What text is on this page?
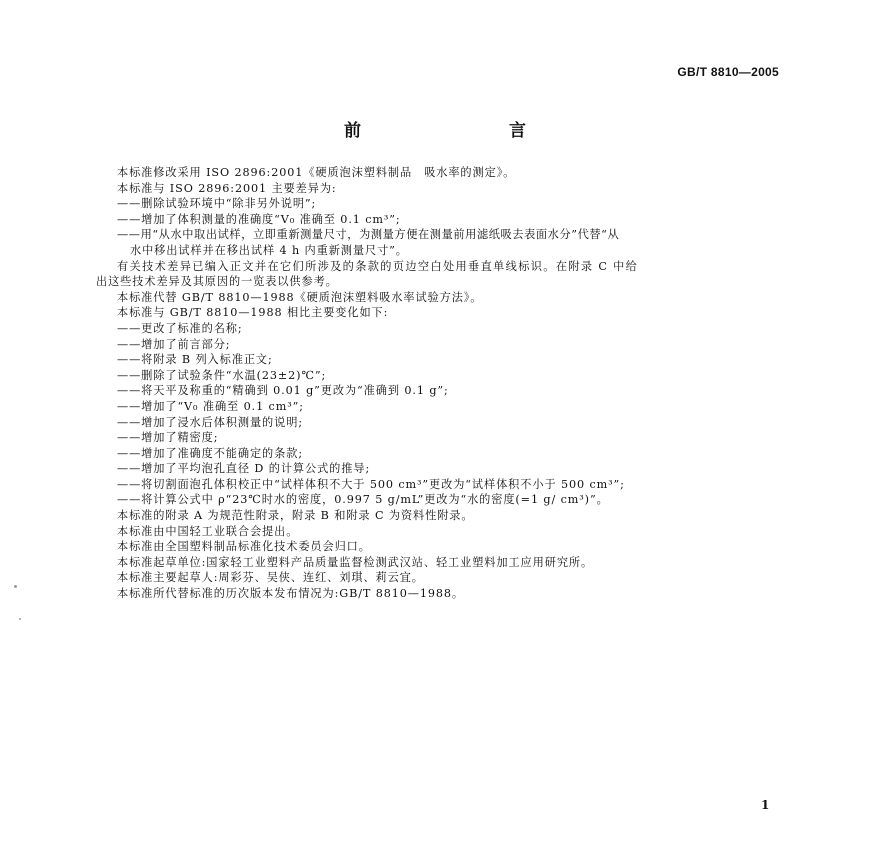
GB/T 8810—2005
前　　言
本标准修改采用 ISO 2896:2001《硬质泡沫塑料制品　吸水率的测定》。
本标准与 ISO 2896:2001 主要差异为:
——删除试验环境中“除非另外说明”;
——增加了体积测量的准确度“V₀ 准确至 0.1 cm³”;
——用“从水中取出试样，立即重新测量尺寸，为测量方便在测量前用滤纸吸去表面水分”代替“从
水中移出试样并在移出试样 4 h 内重新测量尺寸”。
有关技术差异已编入正文并在它们所涉及的条款的页边空白处用垂直单线标识。在附录 C 中给
出这些技术差异及其原因的一览表以供参考。
本标准代替 GB/T 8810—1988《硬质泡沫塑料吸水率试验方法》。
本标准与 GB/T 8810—1988 相比主要变化如下:
——更改了标准的名称;
——增加了前言部分;
——将附录 B 列入标准正文;
——删除了试验条件“水温(23±2)℃”;
——将天平及称重的“精确到 0.01 g”更改为“准确到 0.1 g”;
——增加了“V₀ 准确至 0.1 cm³”;
——增加了浸水后体积测量的说明;
——增加了精密度;
——增加了准确度不能确定的条款;
——增加了平均泡孔直径 D 的计算公式的推导;
——将切割面泡孔体积校正中“试样体积不大于 500 cm³”更改为“试样体积不小于 500 cm³”;
——将计算公式中 ρ“23℃时水的密度，0.997 5 g/mL”更改为“水的密度(=1 g/ cm³)”。
本标准的附录 A 为规范性附录，附录 B 和附录 C 为资料性附录。
本标准由中国轻工业联合会提出。
本标准由全国塑料制品标准化技术委员会归口。
本标准起草单位:国家轻工业塑料产品质量监督检测武汉站、轻工业塑料加工应用研究所。
本标准主要起草人:周彩芬、吴侠、连红、刘琪、莉云宜。
本标准所代替标准的历次版本发布情况为:GB/T 8810—1988。
1
